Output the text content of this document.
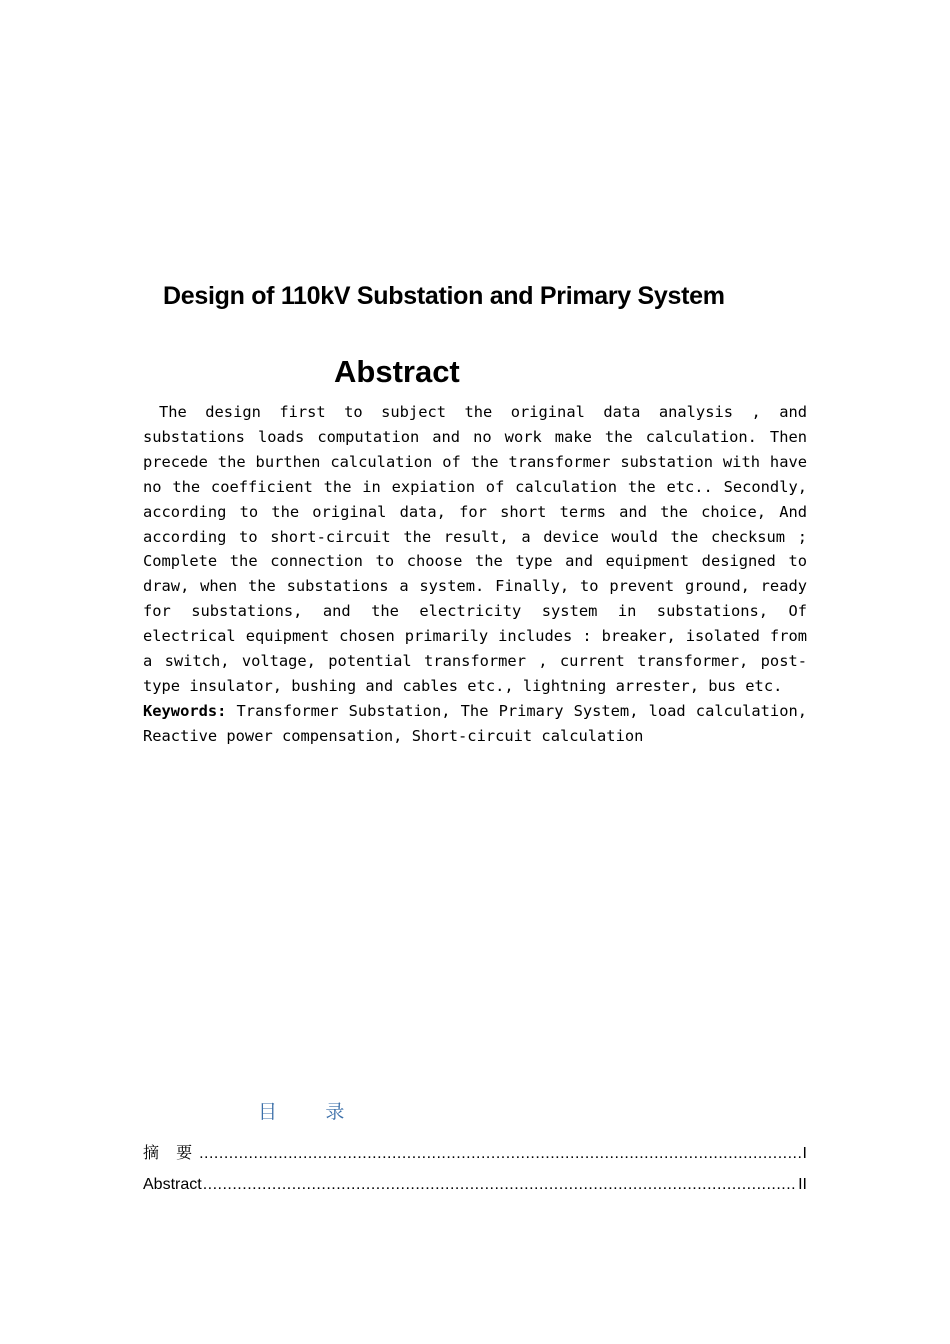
Design of 110kV Substation and Primary System
Abstract

The design first to subject the original data analysis , and substations loads computation and no work make the calculation. Then precede the burthen calculation of the transformer substation with have no the coefficient the in expiation of calculation the etc.. Secondly, according to the original data, for short terms and the choice, And according to short-circuit the result, a device would the checksum ; Complete the connection to choose the type and equipment designed to draw, when the substations a system. Finally, to prevent ground, ready for substations, and the electricity system in substations, Of electrical equipment chosen primarily includes : breaker, isolated from a switch, voltage, potential transformer , current transformer, post-type insulator, bushing and cables etc., lightning arrester, bus etc.

Keywords: Transformer Substation, The Primary System, load calculation, Reactive power compensation, Short-circuit calculation

目        录
摘 要 .....	I
Abstract .....	II
